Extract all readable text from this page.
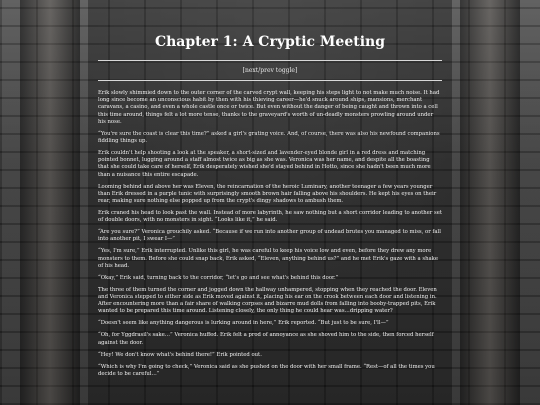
Chapter 1: A Cryptic Meeting
[next/prev toggle]

Erik slowly shimmied down to the outer corner of the carved crypt wall, keeping his steps light to not make much noise. It had long since become an unconscious habit by then with his thieving career—he'd snuck around ships, mansions, merchant caravans, a casino, and even a whole castle once or twice. But even without the danger of being caught and thrown into a cell this time around, things felt a lot more tense, thanks to the graveyard's worth of un-deadly monsters prowling around under his nose.

“You're sure the coast is clear this time?” asked a girl's grating voice. And, of course, there was also his newfound companions fiddling things up.

Erik couldn't help shooting a look at the speaker, a short-sized and lavender-eyed blonde girl in a red dress and matching pointed bonnet, lugging around a staff almost twice as big as she was. Veronica was her name, and despite all the boasting that she could take care of herself, Erik desperately wished she'd stayed behind in Hotto, since she hadn't been much more than a nuisance this entire escapade.

Looming behind and above her was Eleven, the reincarnation of the heroic Luminary, another teenager a few years younger than Erik dressed in a purple tunic with surprisingly smooth brown hair falling above his shoulders. He kept his eyes on their rear, making sure nothing else popped up from the crypt's dingy shadows to ambush them.

Erik craned his head to look past the wall. Instead of more labyrinth, he saw nothing but a short corridor leading to another set of double doors, with no monsters in sight. “Looks like it,” he said.

“Are you sure?” Veronica grouchily asked. “Because if we run into another group of undead brutes you managed to miss, or fall into another pit, I swear I—”

“Yes, I'm sure,” Erik interrupted. Unlike this girl, he was careful to keep his voice low and even, before they drew any more monsters to them. Before she could snap back, Erik asked, “Eleven, anything behind us?” and he met Erik's gaze with a shake of his head.

“Okay,” Erik said, turning back to the corridor, “let's go and see what's behind this door.”

The three of them turned the corner and jogged down the hallway unhampered, stopping when they reached the door. Eleven and Veronica stepped to either side as Erik moved against it, placing his ear on the crook between each door and listening in. After encountering more than a fair share of walking corpses and bizarre mud dolls from falling into booby-trapped pits, Erik wanted to be prepared this time around. Listening closely, the only thing he could hear was…dripping water?

“Doesn't seem like anything dangerous is lurking around in here,” Erik reported. “But just to be sure, I'll—”

“Oh, for Yggdrasil's sake…” Veronica huffed. Erik felt a prod of annoyance as she shoved him to the side, then forced herself against the door.

“Hey! We don't know what's behind there!” Erik pointed out.

“Which is why I'm going to check,” Veronica said as she pushed on the door with her small frame. “Rest—of all the times you decide to be careful…”
